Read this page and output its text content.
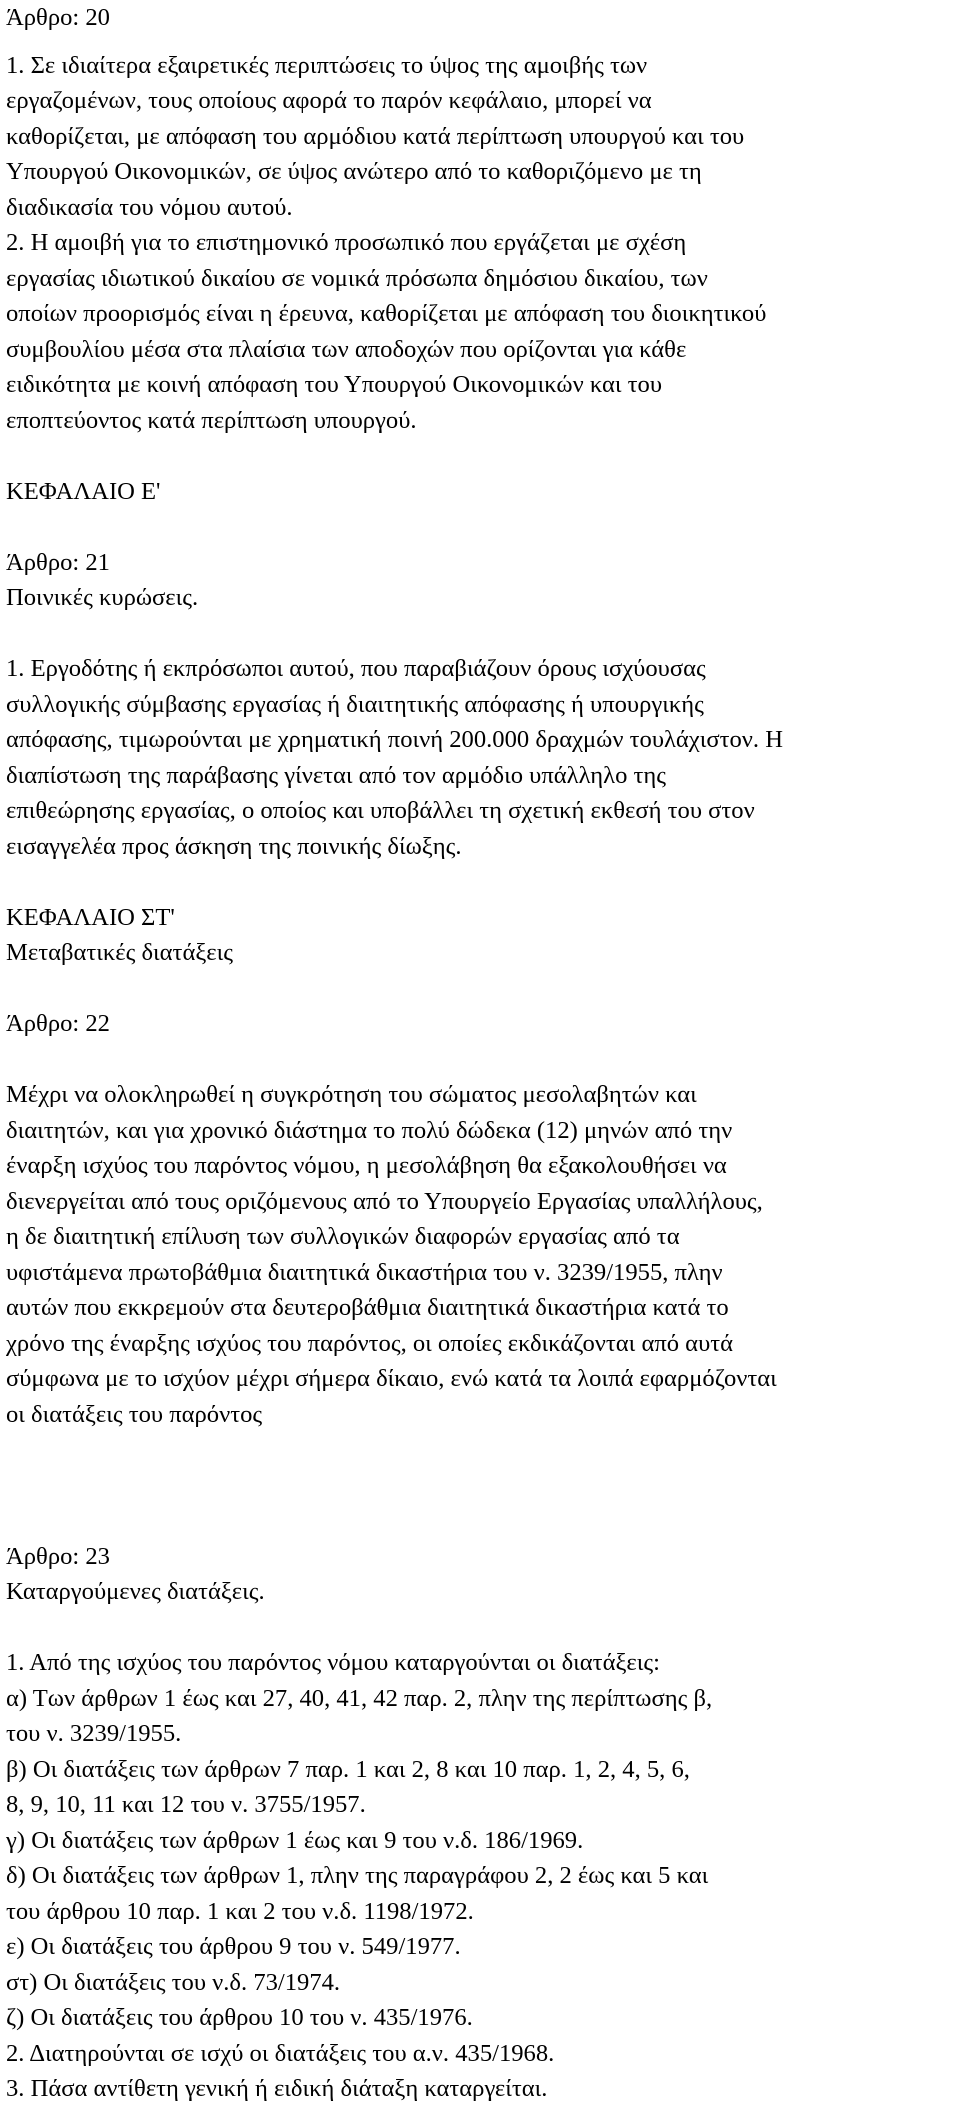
Άρθρο: 20
1. Σε ιδιαίτερα εξαιρετικές περιπτώσεις το ύψος της αμοιβής των
εργαζομένων, τους οποίους αφορά το παρόν κεφάλαιο, μπορεί να
καθορίζεται, με απόφαση του αρμόδιου κατά περίπτωση υπουργού και του
Υπουργού Οικονομικών, σε ύψος ανώτερο από το καθοριζόμενο με τη
διαδικασία του νόμου αυτού.
2. Η αμοιβή για το επιστημονικό προσωπικό που εργάζεται με σχέση
εργασίας ιδιωτικού δικαίου σε νομικά πρόσωπα δημόσιου δικαίου, των
οποίων προορισμός είναι η έρευνα, καθορίζεται με απόφαση του διοικητικού
συμβουλίου μέσα στα πλαίσια των αποδοχών που ορίζονται για κάθε
ειδικότητα με κοινή απόφαση του Υπουργού Οικονομικών και του
εποπτεύοντος κατά περίπτωση υπουργού.
ΚΕΦΑΛΑΙΟ Ε'
Άρθρο: 21
Ποινικές κυρώσεις.
1. Εργοδότης ή εκπρόσωποι αυτού, που παραβιάζουν όρους ισχύουσας
συλλογικής σύμβασης εργασίας ή διαιτητικής απόφασης ή υπουργικής
απόφασης, τιμωρούνται με χρηματική ποινή 200.000 δραχμών τουλάχιστον. Η
διαπίστωση της παράβασης γίνεται από τον αρμόδιο υπάλληλο της
επιθεώρησης εργασίας, ο οποίος και υποβάλλει τη σχετική εκθεσή του στον
εισαγγελέα προς άσκηση της ποινικής δίωξης.
ΚΕΦΑΛΑΙΟ ΣΤ'
Μεταβατικές διατάξεις
Άρθρο: 22
Μέχρι να ολοκληρωθεί η συγκρότηση του σώματος μεσολαβητών και
διαιτητών, και για χρονικό διάστημα το πολύ δώδεκα (12) μηνών από την
έναρξη ισχύος του παρόντος νόμου, η μεσολάβηση θα εξακολουθήσει να
διενεργείται από τους οριζόμενους από το Υπουργείο Εργασίας υπαλλήλους,
η δε διαιτητική επίλυση των συλλογικών διαφορών εργασίας από τα
υφιστάμενα πρωτοβάθμια διαιτητικά δικαστήρια του ν. 3239/1955, πλην
αυτών που εκκρεμούν στα δευτεροβάθμια διαιτητικά δικαστήρια κατά το
χρόνο της έναρξης ισχύος του παρόντος, οι οποίες εκδικάζονται από αυτά
σύμφωνα με το ισχύον μέχρι σήμερα δίκαιο, ενώ κατά τα λοιπά εφαρμόζονται
οι διατάξεις του παρόντος
Άρθρο: 23
Καταργούμενες διατάξεις.
1. Από της ισχύος του παρόντος νόμου καταργούνται οι διατάξεις:
α) Των άρθρων 1 έως και 27, 40, 41, 42 παρ. 2, πλην της περίπτωσης β,
του ν. 3239/1955.
β) Οι διατάξεις των άρθρων 7 παρ. 1 και 2, 8 και 10 παρ. 1, 2, 4, 5, 6,
8, 9, 10, 11 και 12 του ν. 3755/1957.
γ) Οι διατάξεις των άρθρων 1 έως και 9 του ν.δ. 186/1969.
δ) Οι διατάξεις των άρθρων 1, πλην της παραγράφου 2, 2 έως και 5 και
του άρθρου 10 παρ. 1 και 2 του ν.δ. 1198/1972.
ε) Οι διατάξεις του άρθρου 9 του ν. 549/1977.
στ) Οι διατάξεις του ν.δ. 73/1974.
ζ) Οι διατάξεις του άρθρου 10 του ν. 435/1976.
2. Διατηρούνται σε ισχύ οι διατάξεις του α.ν. 435/1968.
3. Πάσα αντίθετη γενική ή ειδική διάταξη καταργείται.
